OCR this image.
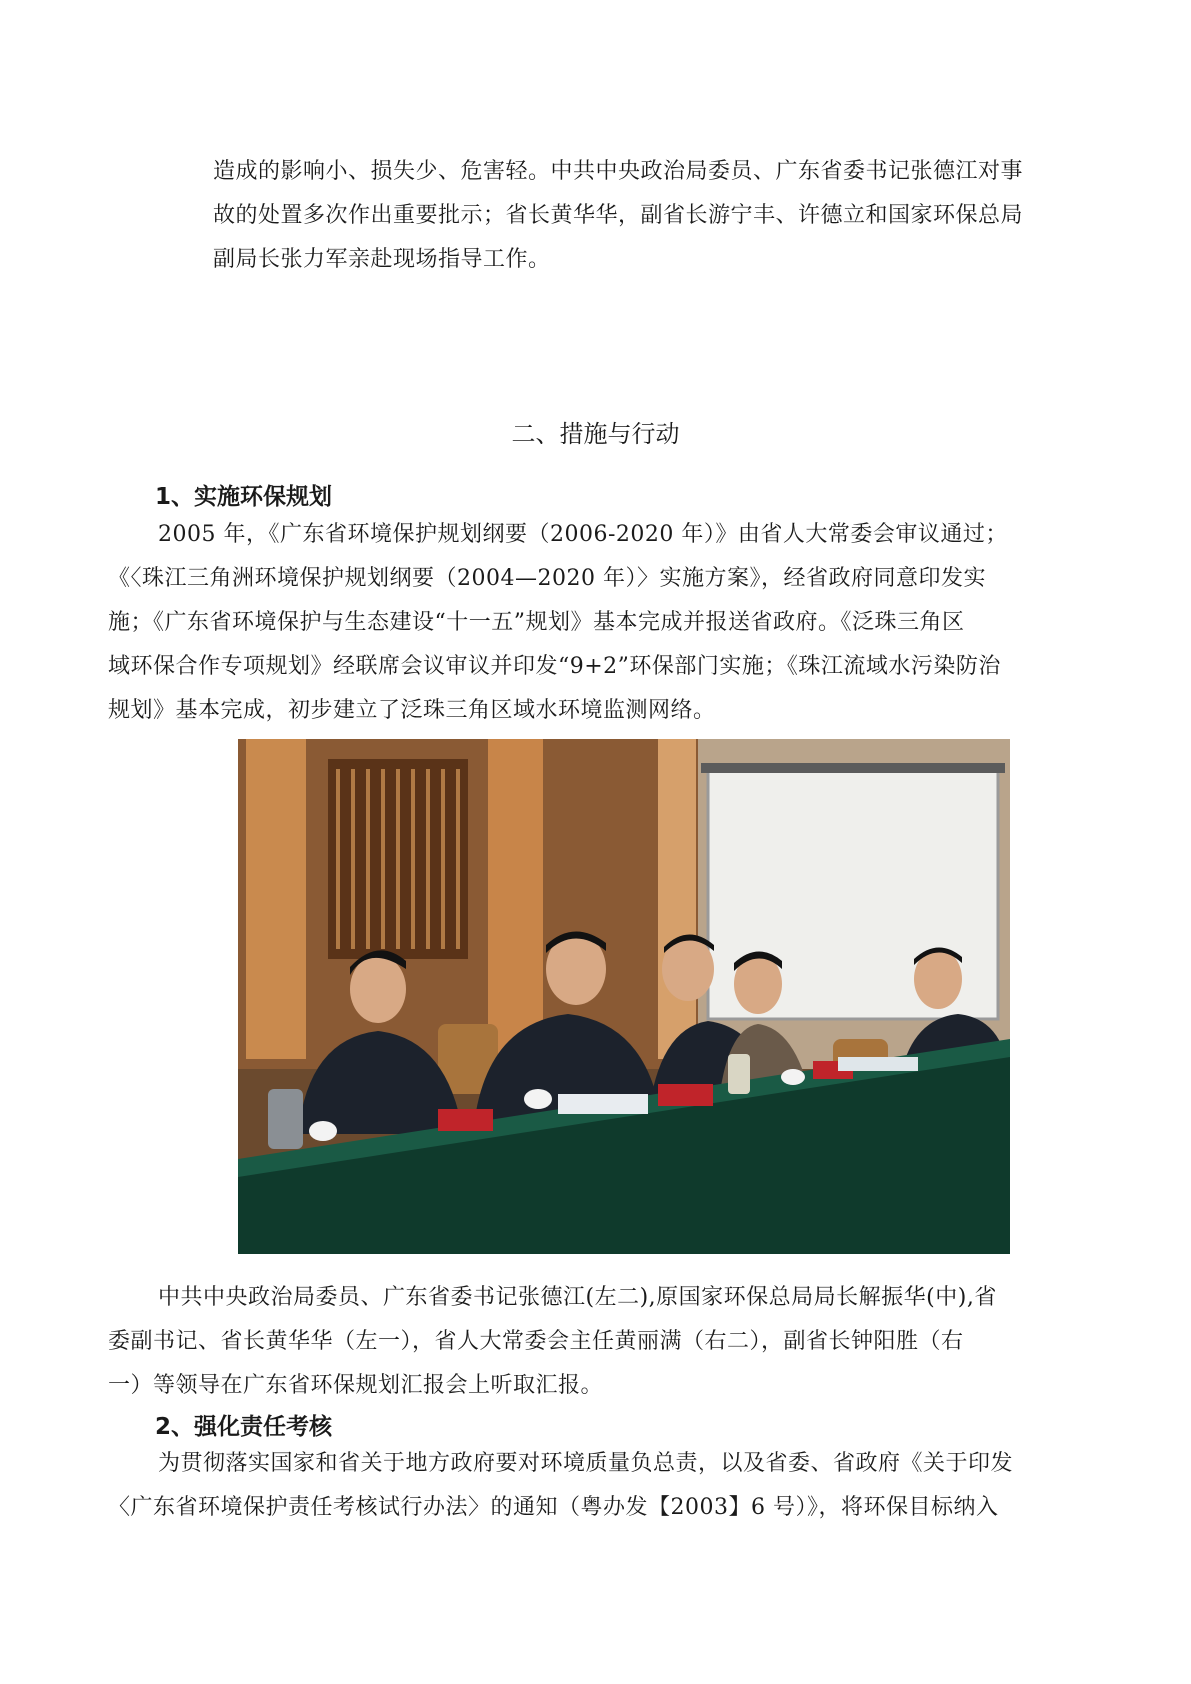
造成的影响小、损失少、危害轻。中共中央政治局委员、广东省委书记张德江对事
故的处置多次作出重要批示；省长黄华华，副省长游宁丰、许德立和国家环保总局
副局长张力军亲赴现场指导工作。
二、措施与行动
1、实施环保规划
2005 年，《广东省环境保护规划纲要（2006-2020 年）》由省人大常委会审议通过；
《〈珠江三角洲环境保护规划纲要（2004—2020 年）〉实施方案》，经省政府同意印发实
施；《广东省环境保护与生态建设“十一五”规划》基本完成并报送省政府。《泛珠三角区
域环保合作专项规划》经联席会议审议并印发“9+2”环保部门实施；《珠江流域水污染防治
规划》基本完成，初步建立了泛珠三角区域水环境监测网络。
中共中央政治局委员、广东省委书记张德江(左二),原国家环保总局局长解振华(中),省
委副书记、省长黄华华（左一），省人大常委会主任黄丽满（右二），副省长钟阳胜（右
一）等领导在广东省环保规划汇报会上听取汇报。
2、强化责任考核
为贯彻落实国家和省关于地方政府要对环境质量负总责，以及省委、省政府《关于印发
〈广东省环境保护责任考核试行办法〉的通知（粤办发【2003】6 号）》，将环保目标纳入
